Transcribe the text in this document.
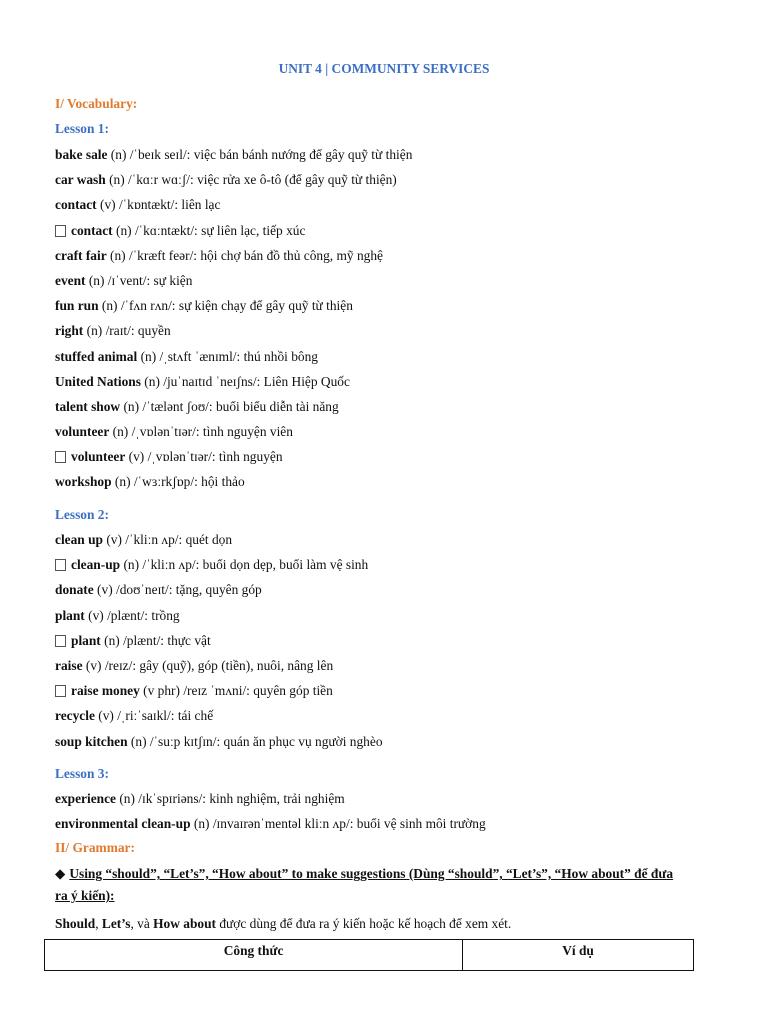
UNIT 4 | COMMUNITY SERVICES
I/ Vocabulary:
Lesson 1:
bake sale (n) /ˈbeɪk seɪl/: việc bán bánh nướng để gây quỹ từ thiện
car wash (n) /ˈkɑːr wɑːʃ/: việc rửa xe ô-tô (để gây quỹ từ thiện)
contact (v) /ˈkɒntækt/: liên lạc
contact (n) /ˈkɑːntækt/: sự liên lạc, tiếp xúc
craft fair (n) /ˈkræft feər/: hội chợ bán đồ thủ công, mỹ nghệ
event (n) /ɪˈvent/: sự kiện
fun run (n) /ˈfʌn rʌn/: sự kiện chạy để gây quỹ từ thiện
right (n) /raɪt/: quyền
stuffed animal (n) /ˌstʌft ˈænɪml/: thú nhồi bông
United Nations (n) /juˈnaɪtɪd ˈneɪʃns/: Liên Hiệp Quốc
talent show (n) /ˈtælənt ʃoʊ/: buổi biểu diễn tài năng
volunteer (n) /ˌvɒlənˈtɪər/: tình nguyện viên
volunteer (v) /ˌvɒlənˈtɪər/: tình nguyện
workshop (n) /ˈwɜːrkʃɒp/: hội thảo
Lesson 2:
clean up (v) /ˈkliːn ʌp/: quét dọn
clean-up (n) /ˈkliːn ʌp/: buổi dọn dẹp, buổi làm vệ sinh
donate (v) /doʊˈneɪt/: tặng, quyên góp
plant (v) /plænt/: trồng
plant (n) /plænt/: thực vật
raise (v) /reɪz/: gây (quỹ), góp (tiền), nuôi, nâng lên
raise money (v phr) /reɪz ˈmʌni/: quyên góp tiền
recycle (v) /ˌriːˈsaɪkl/: tái chế
soup kitchen (n) /ˈsuːp kɪtʃɪn/: quán ăn phục vụ người nghèo
Lesson 3:
experience (n) /ɪkˈspɪriəns/: kinh nghiệm, trải nghiệm
environmental clean-up (n) /ɪnvaɪrənˈmentəl kliːn ʌp/: buổi vệ sinh môi trường
II/ Grammar:
◆ Using “should”, “Let’s”, “How about” to make suggestions (Dùng “should”, “Let’s”, “How about” để đưa ra ý kiến):
Should, Let’s, và How about được dùng để đưa ra ý kiến hoặc kế hoạch để xem xét.
Công thức	Ví dụ
